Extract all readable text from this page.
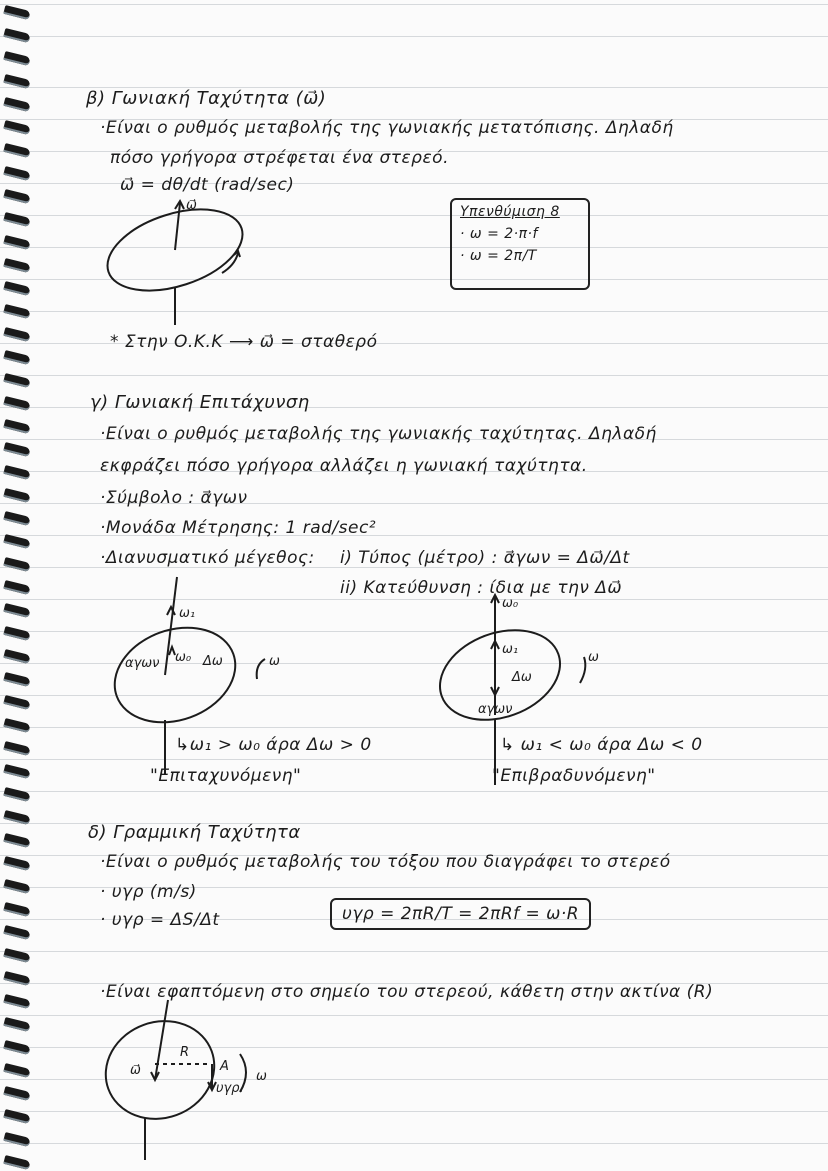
β) Γωνιακή Ταχύτητα (ω⃗)
·Είναι ο ρυθμός μεταβολής της γωνιακής μετατόπισης. Δηλαδή
πόσο γρήγορα στρέφεται ένα στερεό.
ω⃗ = dθ/dt (rad/sec)
ω⃗	Υπενθύμιση 8
· ω = 2·π·f
· ω = 2π/T
* Στην Ο.Κ.Κ ⟶ ω⃗ = σταθερό
γ) Γωνιακή Επιτάχυνση
·Είναι ο ρυθμός μεταβολής της γωνιακής ταχύτητας. Δηλαδή
εκφράζει πόσο γρήγορα αλλάζει η γωνιακή ταχύτητα.
·Σύμβολο : α⃗γων
·Μονάδα Μέτρησης: 1 rad/sec²
·Διανυσματικό μέγεθος: i) Τύπος (μέτρο) : α⃗γων = Δω⃗/Δt
ii) Κατεύθυνση : ίδια με την Δω⃗
ω₁
ω₀
αγων	Δω	ω
↳ω₁ > ω₀ άρα Δω > 0
"Επιταχυνόμενη"
ω₀
ω₁
Δω
αγων
ω
↳ ω₁ < ω₀ άρα Δω < 0
"Επιβραδυνόμενη"
δ) Γραμμική Ταχύτητα
·Είναι ο ρυθμός μεταβολής του τόξου που διαγράφει το στερεό
· υγρ (m/s)
· υγρ = ΔS/Δt	υγρ = 2πR/T = 2πRf = ω·R
·Είναι εφαπτόμενη στο σημείο του στερεού, κάθετη στην ακτίνα (R)
ω⃗
R
A
υγρ.
ω
